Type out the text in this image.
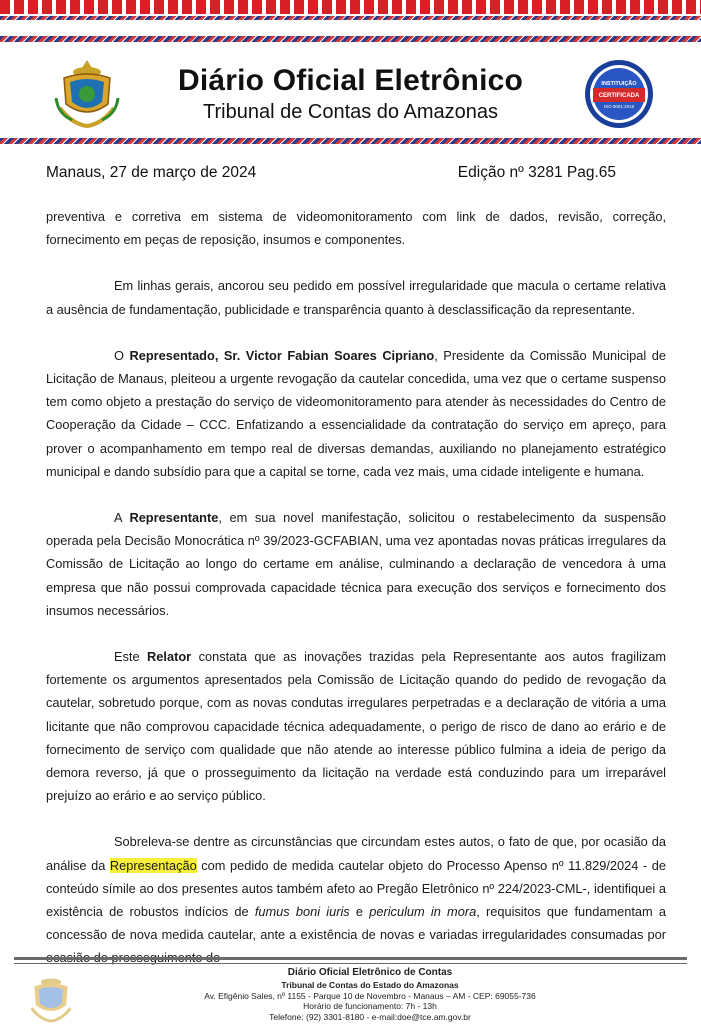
Diário Oficial Eletrônico
Tribunal de Contas do Amazonas
INSTITUIÇÃO
CERTIFICADA
ISO 9001:2015
Manaus, 27 de março de 2024	Edição nº 3281 Pag.65

preventiva e corretiva em sistema de videomonitoramento com link de dados, revisão, correção, fornecimento em peças de reposição, insumos e componentes.

Em linhas gerais, ancorou seu pedido em possível irregularidade que macula o certame relativa a ausência de fundamentação, publicidade e transparência quanto à desclassificação da representante.

O Representado, Sr. Victor Fabian Soares Cipriano, Presidente da Comissão Municipal de Licitação de Manaus, pleiteou a urgente revogação da cautelar concedida, uma vez que o certame suspenso tem como objeto a prestação do serviço de videomonitoramento para atender às necessidades do Centro de Cooperação da Cidade – CCC. Enfatizando a essencialidade da contratação do serviço em apreço, para prover o acompanhamento em tempo real de diversas demandas, auxiliando no planejamento estratégico municipal e dando subsídio para que a capital se torne, cada vez mais, uma cidade inteligente e humana.

A Representante, em sua novel manifestação, solicitou o restabelecimento da suspensão operada pela Decisão Monocrática nº 39/2023-GCFABIAN, uma vez apontadas novas práticas irregulares da Comissão de Licitação ao longo do certame em análise, culminando a declaração de vencedora à uma empresa que não possui comprovada capacidade técnica para execução dos serviços e fornecimento dos insumos necessários.

Este Relator constata que as inovações trazidas pela Representante aos autos fragilizam fortemente os argumentos apresentados pela Comissão de Licitação quando do pedido de revogação da cautelar, sobretudo porque, com as novas condutas irregulares perpetradas e a declaração de vitória a uma licitante que não comprovou capacidade técnica adequadamente, o perigo de risco de dano ao erário e de fornecimento de serviço com qualidade que não atende ao interesse público fulmina a ideia de perigo da demora reverso, já que o prosseguimento da licitação na verdade está conduzindo para um irreparável prejuízo ao erário e ao serviço público.

Sobreleva-se dentre as circunstâncias que circundam estes autos, o fato de que, por ocasião da análise da Representação com pedido de medida cautelar objeto do Processo Apenso nº 11.829/2024 - de conteúdo símile ao dos presentes autos também afeto ao Pregão Eletrônico nº 224/2023-CML-, identifiquei a existência de robustos indícios de fumus boni iuris e periculum in mora, requisitos que fundamentam a concessão de nova medida cautelar, ante a existência de novas e variadas irregularidades consumadas por

Diário Oficial Eletrônico de Contas
Tribunal de Contas do Estado do Amazonas
Av. Efigênio Sales, nº 1155 - Parque 10 de Novembro - Manaus – AM - CEP: 69055-736
Horário de funcionamento: 7h - 13h
Telefone: (92) 3301-8180 - e-mail:doe@tce.am.gov.br
